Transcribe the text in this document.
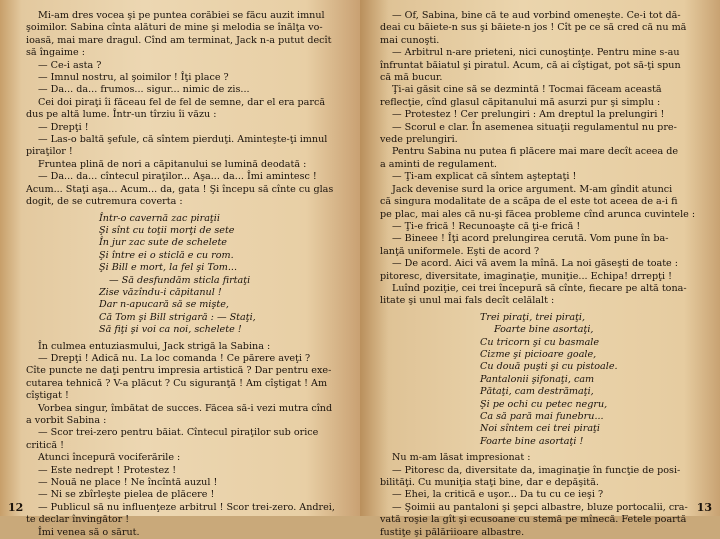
Mi-am dres vocea şi pe puntea corăbiei se făcu auzit imnul

şoimilor. Sabina cînta alături de mine şi melodia se înălţa vo-

ioasă, mai mare dragul. Cînd am terminat, Jack n-a putut decît

să îngaime :

— Ce-i asta ?

— Imnul nostru, al şoimilor ! Îţi place ?

— Da... da... frumos... sigur... nimic de zis...

Cei doi piraţi îi făceau fel de fel de semne, dar el era parcă

dus pe altă lume. Într-un tîrziu îi văzu :

— Drepţi !

— Las-o baltă şefule, că sîntem pierduţi. Aminteşte-ţi imnul

piraţilor !

Fruntea plină de nori a căpitanului se lumină deodată :

— Da... da... cîntecul piraţilor... Aşa... da... Îmi amintesc !

Acum... Staţi aşa... Acum... da, gata ! Şi începu să cînte cu glas

dogit, de se cutremura coverta :

Într-o cavernă zac piraţii

Şi sînt cu toţii morţi de sete

În jur zac sute de schelete

Şi între ei o sticlă e cu rom.

Şi Bill e mort, la fel şi Tom...

— Să desfundăm sticla firtaţi

Zise văzîndu-i căpitanul !

Dar n-apucară să se mişte,

Că Tom şi Bill strigară : — Staţi,

Să fiţi şi voi ca noi, schelete !

În culmea entuziasmului, Jack strigă la Sabina :

— Drepţi ! Adică nu. La loc comanda ! Ce părere aveţi ?

Cîte puncte ne daţi pentru impresia artistică ? Dar pentru exe-

cutarea tehnică ? V-a plăcut ? Cu siguranţă ! Am cîştigat ! Am

cîştigat !

Vorbea singur, îmbătat de succes. Făcea să-i vezi mutra cînd

a vorbit Sabina :

— Scor trei-zero pentru băiat. Cîntecul piraţilor sub orice

critică !

Atunci începură vociferările :

— Este nedrept ! Protestez !

— Nouă ne place ! Ne încîntă auzul !

— Ni se zbîrleşte pielea de plăcere !

— Publicul să nu influenţeze arbitrul ! Scor trei-zero. Andrei,

te declar învingător !

Îmi venea să o sărut.

12

— Of, Sabina, bine că te aud vorbind omeneşte. Ce-i tot dă-

deai cu băiete-n sus şi băiete-n jos ! Cît pe ce să cred că nu mă

mai cunoşti.

— Arbitrul n-are prieteni, nici cunoştinţe. Pentru mine s-au

înfruntat băiatul şi piratul. Acum, că ai cîştigat, pot să-ţi spun

că mă bucur.

Ţi-ai găsit cine să se dezmintă ! Tocmai făceam această

reflecţie, cînd glasul căpitanului mă asurzi pur şi simplu :

— Protestez ! Cer prelungiri : Am dreptul la prelungiri !

— Scorul e clar. În asemenea situaţii regulamentul nu pre-

vede prelungiri.

Pentru Sabina nu putea fi plăcere mai mare decît aceea de

a aminti de regulament.

— Ţi-am explicat că sîntem aşteptaţi !

Jack devenise surd la orice argument. M-am gîndit atunci

că singura modalitate de a scăpa de el este tot aceea de a-i fi

pe plac, mai ales că nu-şi făcea probleme cînd arunca cuvintele :

— Ţi-e frică ! Recunoaşte că ţi-e frică !

— Bineee ! Îţi acord prelungirea cerută. Vom pune în ba-

lanţă uniformele. Eşti de acord ?

— De acord. Aici vă avem la mînă. La noi găseşti de toate :

pitoresc, diversitate, imaginaţie, muniţie... Echipa! drrepţi !

Luînd poziţie, cei trei începură să cînte, fiecare pe altă tona-

litate şi unul mai fals decît celălalt :

Trei piraţi, trei piraţi,

Foarte bine asortaţi,

Cu tricorn şi cu basmale

Cizme şi picioare goale,

Cu două puşti şi cu pistoale.

Pantalonii şifonaţi, cam

Pătaţi, cam destrămaţi,

Şi pe ochi cu petec negru,

Ca să pară mai funebru...

Noi sîntem cei trei piraţi

Foarte bine asortaţi !

Nu m-am lăsat impresionat :

— Pitoresc da, diversitate da, imaginaţie în funcţie de posi-

bilităţi. Cu muniţia staţi bine, dar e depăşită.

— Ehei, la critică e uşor... Da tu cu ce ieşi ?

— Şoimii au pantaloni şi şepci albastre, bluze portocalii, cra-

vată roşie la gît şi ecusoane cu stemă pe mînecă. Fetele poartă

fustiţe şi pălăriioare albastre.

13
